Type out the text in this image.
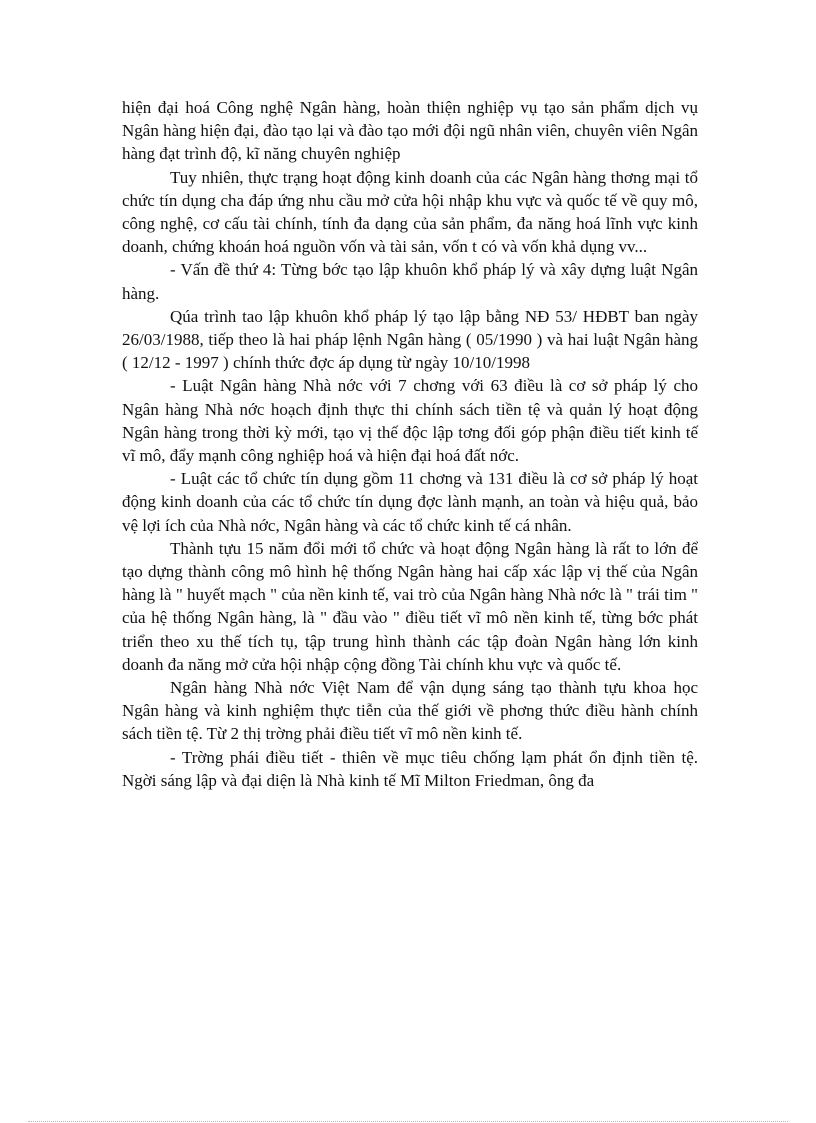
hiện đại hoá Công nghệ Ngân hàng, hoàn thiện nghiệp vụ tạo sản phẩm dịch vụ Ngân hàng hiện đại, đào tạo lại và đào tạo mới đội ngũ nhân viên, chuyên viên Ngân hàng đạt trình độ, kĩ năng chuyên nghiệp

Tuy nhiên, thực trạng hoạt động kinh doanh của các Ngân hàng thơng mại tổ chức tín dụng cha đáp ứng nhu cầu mở cửa hội nhập khu vực và quốc tế về quy mô, công nghệ, cơ cấu tài chính, tính đa dạng của sản phẩm, đa năng hoá lĩnh vực kinh doanh, chứng khoán hoá nguồn vốn và tài sản, vốn t có và vốn khả dụng vv...

- Vấn đề thứ 4: Từng bớc tạo lập khuôn khổ pháp lý và xây dựng luật Ngân hàng.

Qúa trình tao lập khuôn khổ pháp lý tạo lập bằng NĐ 53/ HĐBT ban ngày 26/03/1988, tiếp theo là hai pháp lệnh Ngân hàng ( 05/1990 ) và hai luật Ngân hàng ( 12/12 - 1997 ) chính thức đợc áp dụng từ ngày 10/10/1998

- Luật Ngân hàng Nhà nớc với 7 chơng với 63 điều là cơ sở pháp lý cho Ngân hàng Nhà nớc hoạch định thực thi chính sách tiền tệ và quản lý hoạt động Ngân hàng trong thời kỳ mới, tạo vị thế độc lập tơng đối góp phận điều tiết kinh tế vĩ mô, đẩy mạnh công nghiệp hoá và hiện đại hoá đất nớc.

- Luật các tổ chức tín dụng gồm 11 chơng và 131 điều là cơ sở pháp lý hoạt động kinh doanh của các tổ chức tín dụng đợc lành mạnh, an toàn và hiệu quả, bảo vệ lợi ích của Nhà nớc, Ngân hàng và các tổ chức kinh tế cá nhân.

Thành tựu 15 năm đổi mới tổ chức và hoạt động Ngân hàng là rất to lớn để tạo dựng thành công mô hình hệ thống Ngân hàng hai cấp xác lập vị thế của Ngân hàng là " huyết mạch " của nền kinh tế, vai trò của Ngân hàng Nhà nớc là " trái tim " của hệ thống Ngân hàng, là " đầu vào " điều tiết vĩ mô nền kinh tế, từng bớc phát triển theo xu thế tích tụ, tập trung hình thành các tập đoàn Ngân hàng lớn kinh doanh đa năng mở cửa hội nhập cộng đồng Tài chính khu vực và quốc tế.

Ngân hàng Nhà nớc Việt Nam để vận dụng sáng tạo thành tựu khoa học Ngân hàng và kinh nghiệm thực tiễn của thế giới về phơng thức điều hành chính sách tiền tệ. Từ 2 thị trờng phải điều tiết vĩ mô nền kinh tế.

- Trờng phái điều tiết - thiên về mục tiêu chống lạm phát ổn định tiền tệ. Ngời sáng lập và đại diện là Nhà kinh tế Mĩ Milton Friedman, ông đa
